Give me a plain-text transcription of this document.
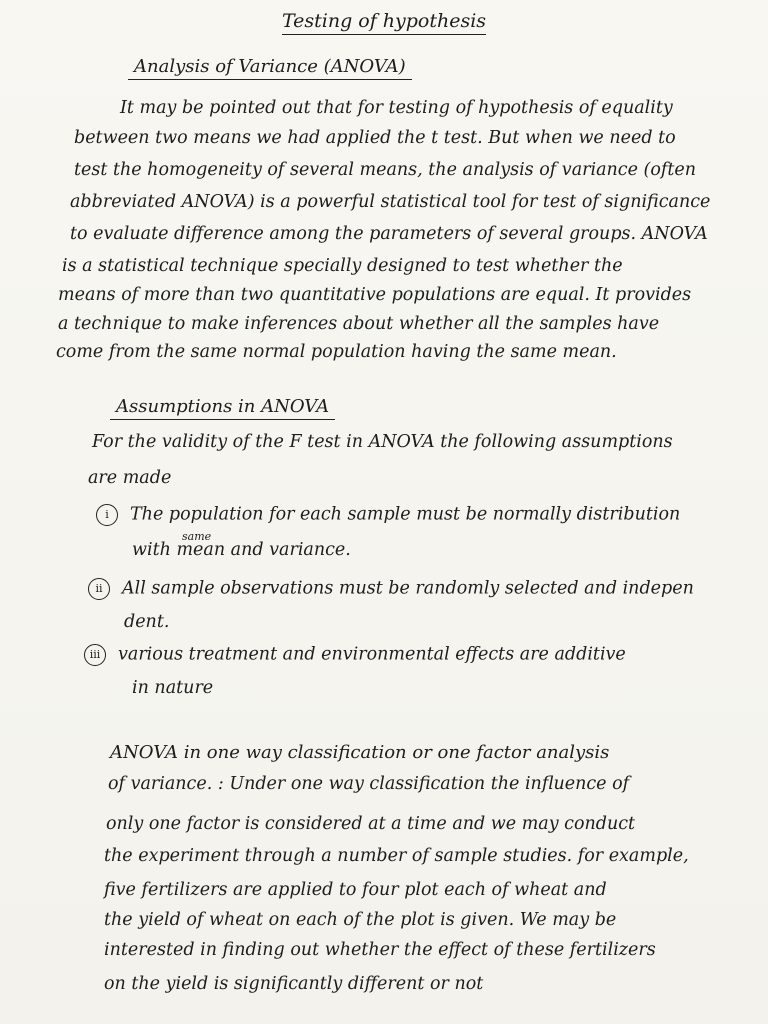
Testing of hypothesis
Analysis of Variance (ANOVA)
It may be pointed out that for testing of hypothesis of equality
between two means we had applied the t test. But when we need to
test the homogeneity of several means, the analysis of variance (often
abbreviated ANOVA) is a powerful statistical tool for test of significance
to evaluate difference among the parameters of several groups. ANOVA
is a statistical technique specially designed to test whether the
means of more than two quantitative populations are equal. It provides
a technique to make inferences about whether all the samples have
come from the same normal population having the same mean.
Assumptions in ANOVA
For the validity of the F test in ANOVA the following assumptions
are made
i The population for each sample must be normally distribution
same
with mean and variance.
ii All sample observations must be randomly selected and indepen
dent.
iii various treatment and environmental effects are additive
in nature
ANOVA in one way classification or one factor analysis
of variance. : Under one way classification the influence of
only one factor is considered at a time and we may conduct
the experiment through a number of sample studies. for example,
five fertilizers are applied to four plot each of wheat and
the yield of wheat on each of the plot is given. We may be
interested in finding out whether the effect of these fertilizers
on the yield is significantly different or not
